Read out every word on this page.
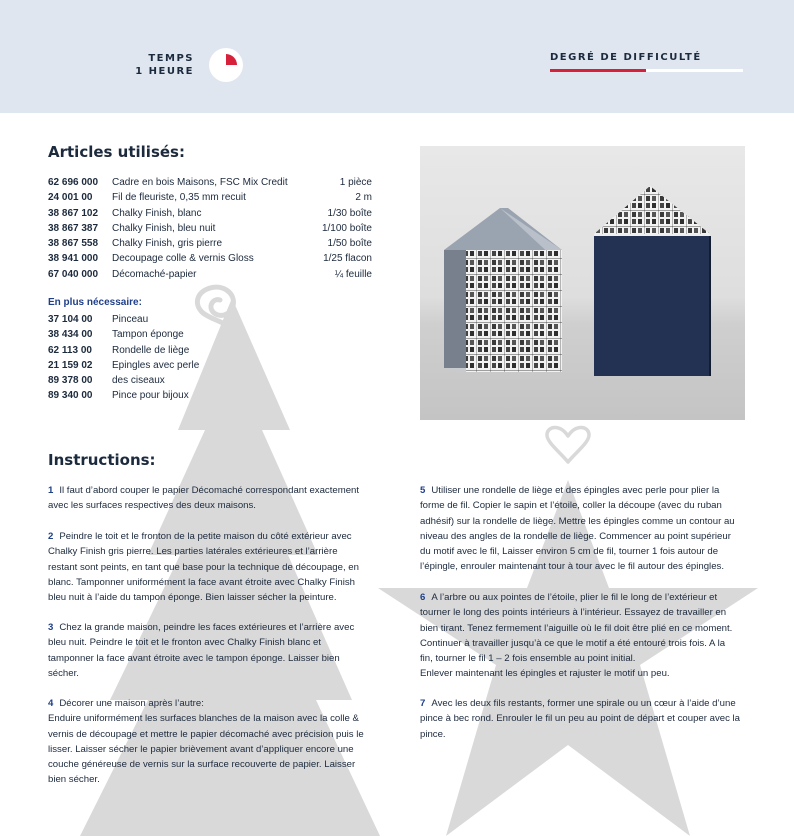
TEMPS
1 HEURE
DEGRÉ DE DIFFICULTÉ
Articles utilisés:
62 696 000	Cadre en bois Maisons, FSC Mix Credit	1 pièce
24 001 00	Fil de fleuriste, 0,35 mm recuit	2 m
38 867 102	Chalky Finish, blanc	1/30 boîte
38 867 387	Chalky Finish, bleu nuit	1/100 boîte
38 867 558	Chalky Finish, gris pierre	1/50 boîte
38 941 000	Decoupage colle & vernis Gloss	1/25 flacon
67 040 000	Décomaché-papier	¼ feuille
En plus nécessaire:
37 104 00	Pinceau
38 434 00	Tampon éponge
62 113 00	Rondelle de liège
21 159 02	Epingles avec perle
89 378 00	des ciseaux
89 340 00	Pince pour bijoux
Instructions:
1 Il faut d’abord couper le papier Décomaché correspondant exactement
avec les surfaces respectives des deux maisons.
2 Peindre le toit et le fronton de la petite maison du côté extérieur avec
Chalky Finish gris pierre. Les parties latérales extérieures et l’arrière
restant sont peints, en tant que base pour la technique de découpage, en
blanc. Tamponner uniformément la face avant étroite avec Chalky Finish
bleu nuit à l’aide du tampon éponge. Bien laisser sécher la peinture.
3 Chez la grande maison, peindre les faces extérieures et l’arrière avec
bleu nuit. Peindre le toit et le fronton avec Chalky Finish blanc et
tamponner la face avant étroite avec le tampon éponge. Laisser bien
sécher.
4 Décorer une maison après l’autre:
Enduire uniformément les surfaces blanches de la maison avec la colle &
vernis de découpage et mettre le papier décomaché avec précision puis le
lisser. Laisser sécher le papier brièvement avant d’appliquer encore une
couche généreuse de vernis sur la surface recouverte de papier. Laisser
bien sécher.
5 Utiliser une rondelle de liège et des épingles avec perle pour plier la
forme de fil. Copier le sapin et l’étoile, coller la découpe (avec du ruban
adhésif) sur la rondelle de liège. Mettre les épingles comme un contour au
niveau des angles de la rondelle de liège. Commencer au point supérieur
du motif avec le fil, Laisser environ 5 cm de fil, tourner 1 fois autour de
l’épingle, enrouler maintenant tour à tour avec le fil autour des épingles.
6 A l’arbre ou aux pointes de l’étoile, plier le fil le long de l’extérieur et
tourner le long des points intérieurs à l’intérieur. Essayez de travailler en
bien tirant. Tenez fermement l’aiguille où le fil doit être plié en ce moment.
Continuer à travailler jusqu’à ce que le motif a été entouré trois fois. A la
fin, tourner le fil 1 – 2 fois ensemble au point initial.
Enlever maintenant les épingles et rajuster le motif un peu.
7 Avec les deux fils restants, former une spirale ou un cœur à l’aide d’une
pince à bec rond. Enrouler le fil un peu au point de départ et couper avec la
pince.
